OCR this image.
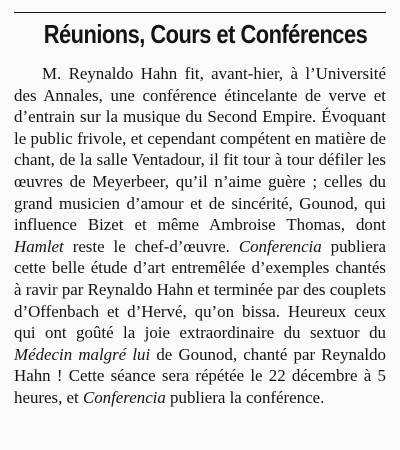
Réunions, Cours et Conférences

M. Reynaldo Hahn fit, avant-hier, à l’Université des Annales, une conférence étincelante de verve et d’entrain sur la musique du Second Empire. Évoquant le public frivole, et cependant compétent en matière de chant, de la salle Ventadour, il fit tour à tour défiler les œuvres de Meyerbeer, qu’il n’aime guère ; celles du grand musicien d’amour et de sincérité, Gounod, qui influence Bizet et même Ambroise Thomas, dont Hamlet reste le chef-d’œuvre. Conferencia publiera cette belle étude d’art entremêlée d’exemples chantés à ravir par Reynaldo Hahn et terminée par des couplets d’Offenbach et d’Hervé, qu’on bissa. Heureux ceux qui ont goûté la joie extraordinaire du sextuor du Médecin malgré lui de Gounod, chanté par Reynaldo Hahn ! Cette séance sera répétée le 22 décembre à 5 heures, et Conferencia publiera la conférence.
